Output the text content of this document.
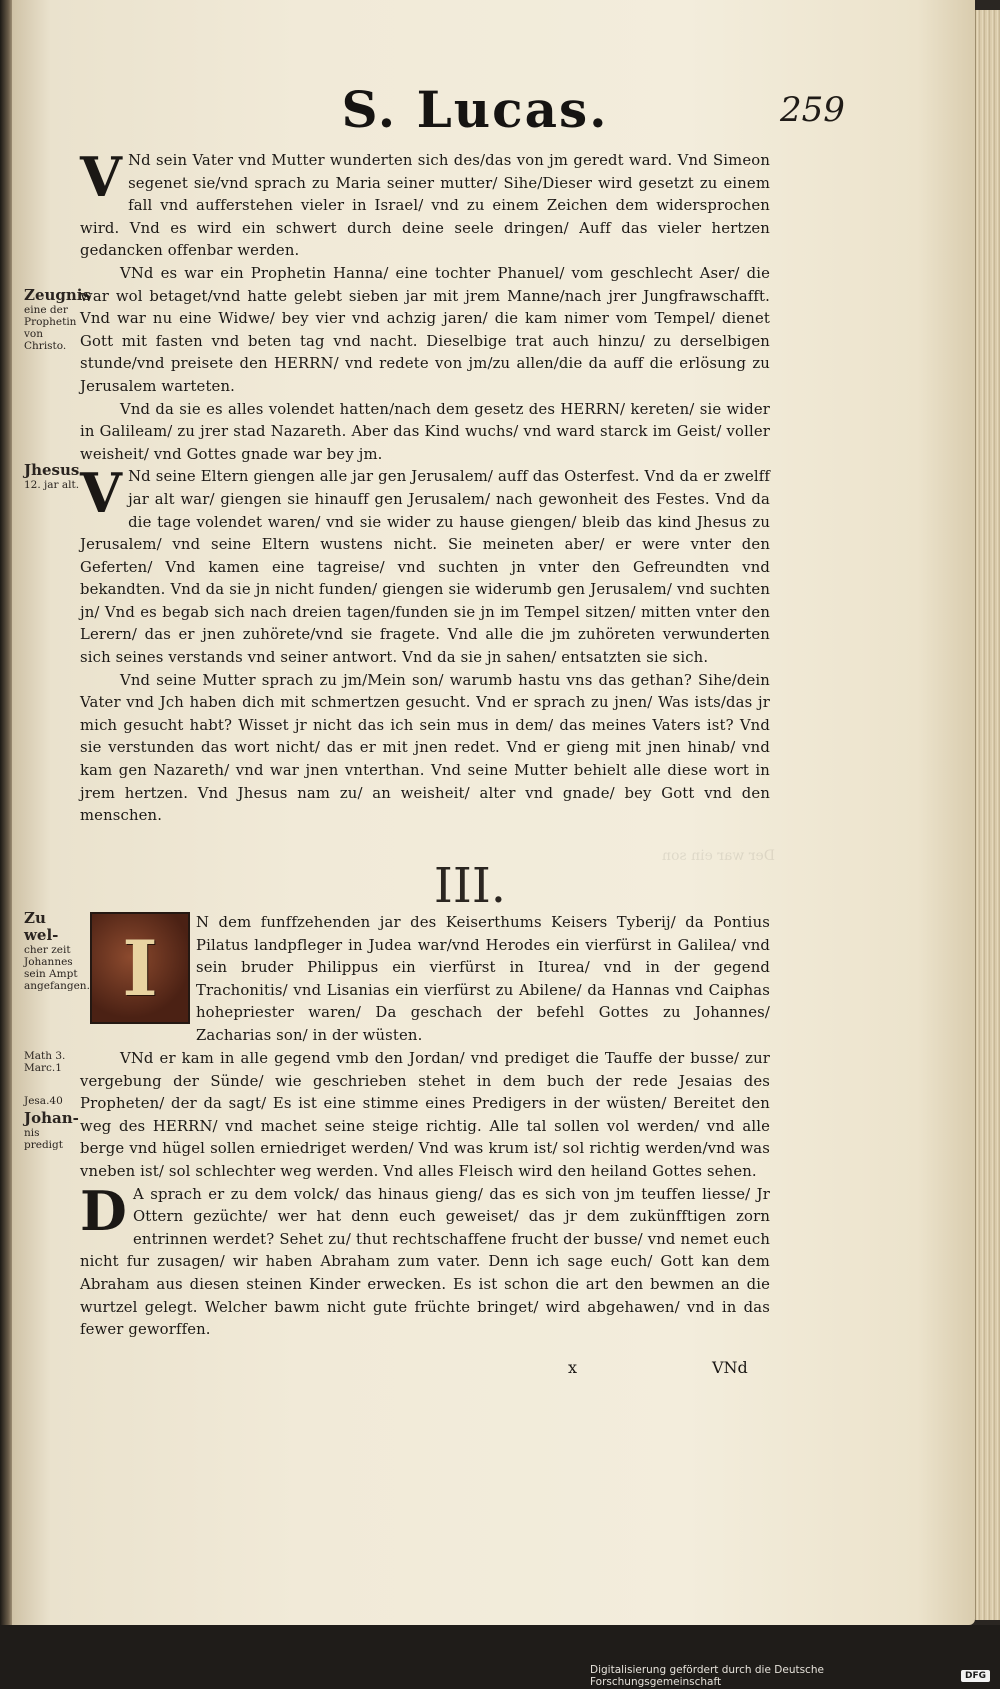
Der war ein son
S. Lucas.	259
Zeugnis
eine der Prophetin von Christo.
Jhesus
12. jar alt.
Zu wel-
cher zeit Johannes sein Ampt angefangen.
Math 3. Marc.1
Jesa.40
Johan-
nis predigt

V Nd sein Vater vnd Mutter wunderten sich des/das von jm geredt ward. Vnd Simeon segenet sie/vnd sprach zu Maria seiner mutter/ Sihe/Dieser wird gesetzt zu einem fall vnd aufferstehen vieler in Israel/ vnd zu einem Zeichen dem widersprochen wird. Vnd es wird ein schwert durch deine seele dringen/ Auff das vieler hertzen gedancken offenbar werden.

VNd es war ein Prophetin Hanna/ eine tochter Phanuel/ vom geschlecht Aser/ die war wol betaget/vnd hatte gelebt sieben jar mit jrem Manne/nach jrer Jungfrawschafft. Vnd war nu eine Widwe/ bey vier vnd achzig jaren/ die kam nimer vom Tempel/ dienet Gott mit fasten vnd beten tag vnd nacht. Dieselbige trat auch hinzu/ zu derselbigen stunde/vnd preisete den HERRN/ vnd redete von jm/zu allen/die da auff die erlösung zu Jerusalem warteten.

Vnd da sie es alles volendet hatten/nach dem gesetz des HERRN/ kereten/ sie wider in Galileam/ zu jrer stad Nazareth. Aber das Kind wuchs/ vnd ward starck im Geist/ voller weisheit/ vnd Gottes gnade war bey jm.

V Nd seine Eltern giengen alle jar gen Jerusalem/ auff das Osterfest. Vnd da er zwelff jar alt war/ giengen sie hinauff gen Jerusalem/ nach gewonheit des Festes. Vnd da die tage volendet waren/ vnd sie wider zu hause giengen/ bleib das kind Jhesus zu Jerusalem/ vnd seine Eltern wustens nicht. Sie meineten aber/ er were vnter den Geferten/ Vnd kamen eine tagreise/ vnd suchten jn vnter den Gefreundten vnd bekandten. Vnd da sie jn nicht funden/ giengen sie widerumb gen Jerusalem/ vnd suchten jn/ Vnd es begab sich nach dreien tagen/funden sie jn im Tempel sitzen/ mitten vnter den Lerern/ das er jnen zuhörete/vnd sie fragete. Vnd alle die jm zuhöreten verwunderten sich seines verstands vnd seiner antwort. Vnd da sie jn sahen/ entsatzten sie sich.

Vnd seine Mutter sprach zu jm/Mein son/ warumb hastu vns das gethan? Sihe/dein Vater vnd Jch haben dich mit schmertzen gesucht. Vnd er sprach zu jnen/ Was ists/das jr mich gesucht habt? Wisset jr nicht das ich sein mus in dem/ das meines Vaters ist? Vnd sie verstunden das wort nicht/ das er mit jnen redet. Vnd er gieng mit jnen hinab/ vnd kam gen Nazareth/ vnd war jnen vnterthan. Vnd seine Mutter behielt alle diese wort in jrem hertzen. Vnd Jhesus nam zu/ an weisheit/ alter vnd gnade/ bey Gott vnd den menschen.

III.
I

N dem funffzehenden jar des Keiserthums Keisers Tyberij/ da Pontius Pilatus landpfleger in Judea war/vnd Herodes ein vierfürst in Galilea/ vnd sein bruder Philippus ein vierfürst in Iturea/ vnd in der gegend Trachonitis/ vnd Lisanias ein vierfürst zu Abilene/ da Hannas vnd Caiphas hohepriester waren/ Da geschach der befehl Gottes zu Johannes/ Zacharias son/ in der wüsten.

VNd er kam in alle gegend vmb den Jordan/ vnd prediget die Tauffe der busse/ zur vergebung der Sünde/ wie geschrieben stehet in dem buch der rede Jesaias des Propheten/ der da sagt/ Es ist eine stimme eines Predigers in der wüsten/ Bereitet den weg des HERRN/ vnd machet seine steige richtig. Alle tal sollen vol werden/ vnd alle berge vnd hügel sollen erniedriget werden/ Vnd was krum ist/ sol richtig werden/vnd was vneben ist/ sol schlechter weg werden. Vnd alles Fleisch wird den heiland Gottes sehen.

D A sprach er zu dem volck/ das hinaus gieng/ das es sich von jm teuffen liesse/ Jr Ottern gezüchte/ wer hat denn euch geweiset/ das jr dem zukünfftigen zorn entrinnen werdet? Sehet zu/ thut rechtschaffene frucht der busse/ vnd nemet euch nicht fur zusagen/ wir haben Abraham zum vater. Denn ich sage euch/ Gott kan dem Abraham aus diesen steinen Kinder erwecken. Es ist schon die art den bewmen an die wurtzel gelegt. Welcher bawm nicht gute früchte bringet/ wird abgehawen/ vnd in das fewer geworffen.

x	VNd
Digitalisierung gefördert durch die Deutsche Forschungsgemeinschaft	DFG
